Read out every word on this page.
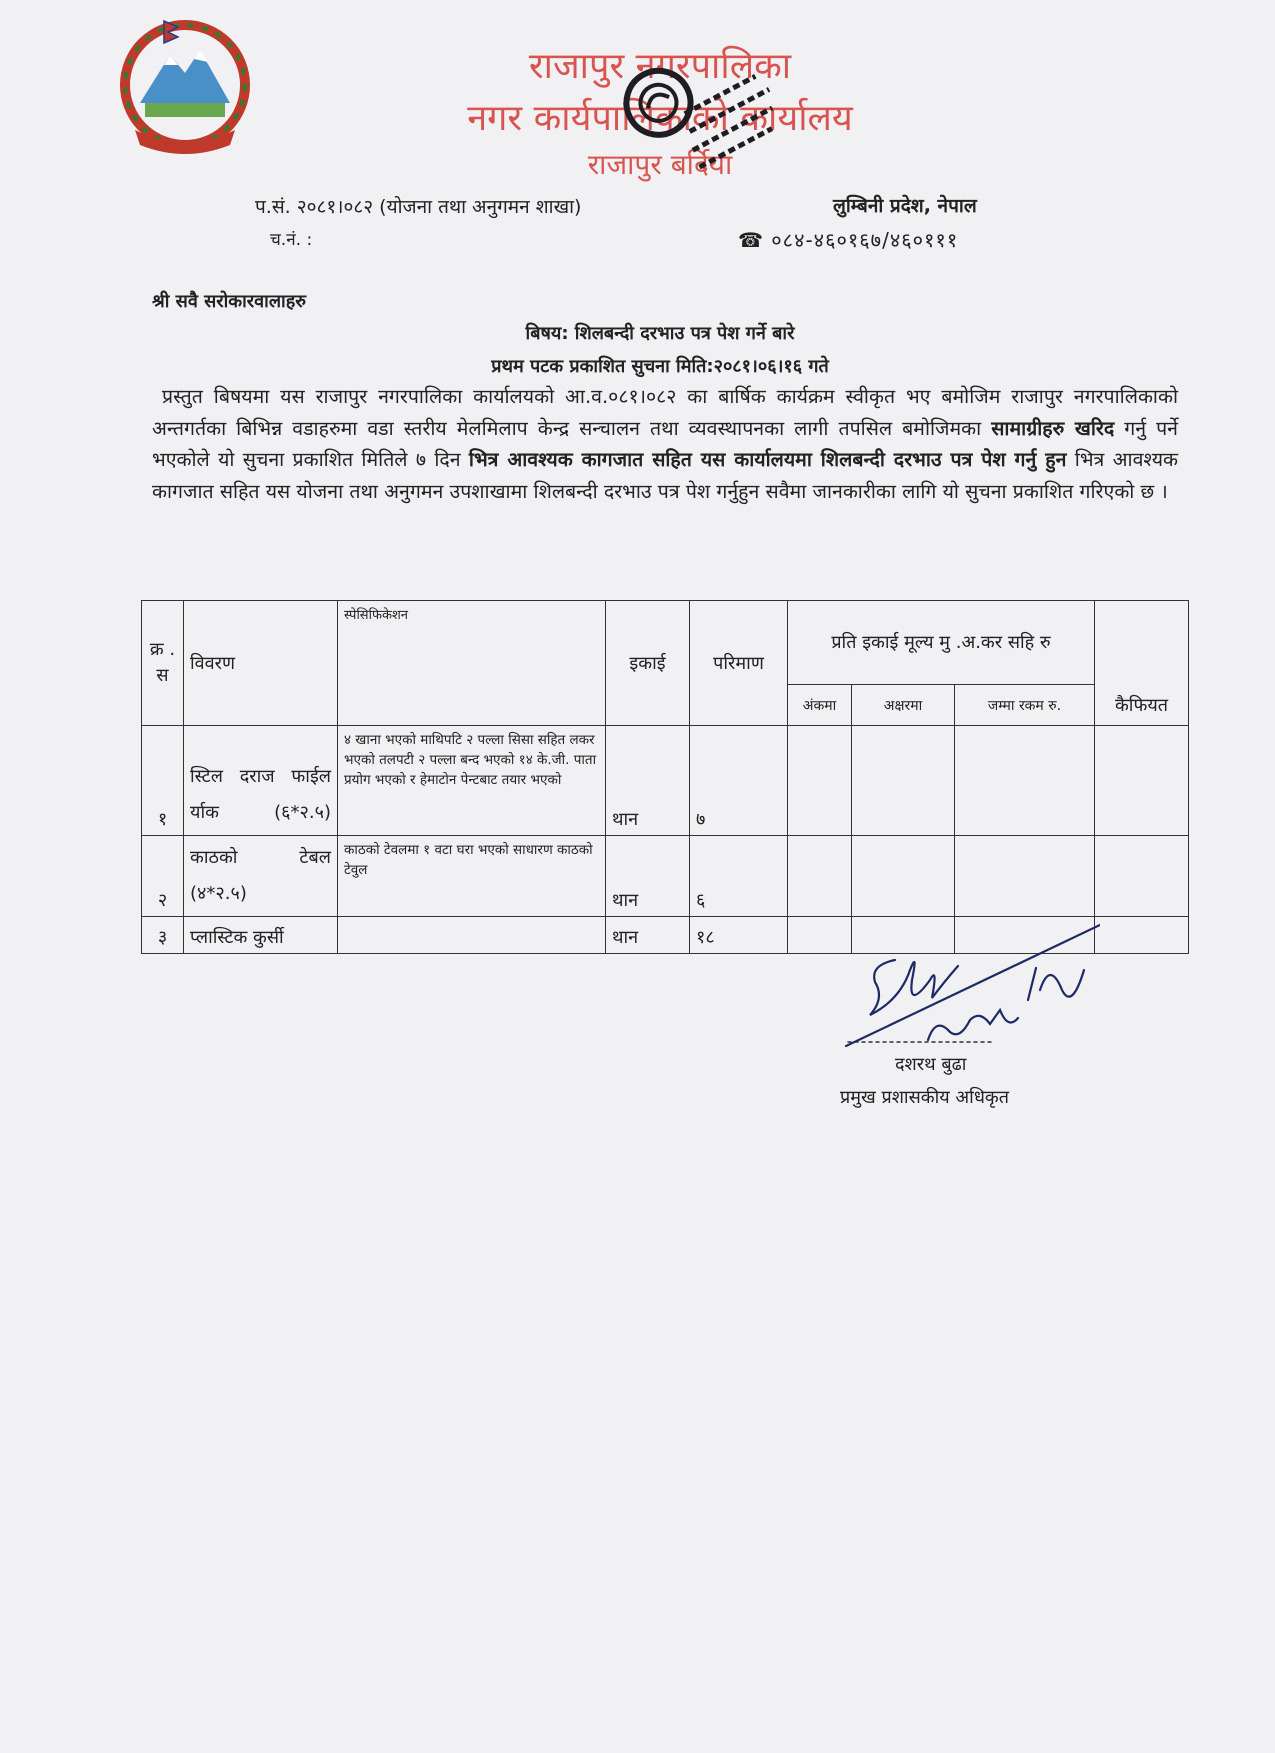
राजापुर नगरपालिका
नगर कार्यपालिकाको कार्यालय
राजापुर बर्दिया
प.सं. २०८१।०८२ (योजना तथा अनुगमन शाखा)
च.नं. :
लुम्बिनी प्रदेश, नेपाल
☎ ०८४-४६०१६७/४६०१११
श्री सवै सरोकारवालाहरु
बिषय: शिलबन्दी दरभाउ पत्र पेश गर्ने बारे
प्रथम पटक प्रकाशित सुचना मिति:२०८१।०६।१६ गते
प्रस्तुत बिषयमा यस राजापुर नगरपालिका कार्यालयको आ.व.०८१।०८२ का बार्षिक कार्यक्रम स्वीकृत भए बमोजिम राजापुर नगरपालिकाको अन्तगर्तका बिभिन्न वडाहरुमा वडा स्तरीय मेलमिलाप केन्द्र सन्चालन तथा व्यवस्थापनका लागी तपसिल बमोजिमका सामाग्रीहरु खरिद गर्नु पर्ने भएकोले यो सुचना प्रकाशित मितिले ७ दिन भित्र आवश्यक कागजात सहित यस कार्यालयमा शिलबन्दी दरभाउ पत्र पेश गर्नु हुन भित्र आवश्यक कागजात सहित यस योजना तथा अनुगमन उपशाखामा शिलबन्दी दरभाउ पत्र पेश गर्नुहुन सवैमा जानकारीका लागि यो सुचना प्रकाशित गरिएको छ ।
क्र . स	विवरण	स्पेसिफिकेशन	इकाई	परिमाण	प्रति इकाई मूल्य मु .अ.कर सहि रु			कैफियत
					अंकमा	अक्षरमा	जम्मा रकम रु.	
१	स्टिल दराज फाईल र्याक (६*२.५)	४ खाना भएको माथिपटि २ पल्ला सिसा सहित लकर भएको तलपटी २ पल्ला बन्द भएको १४ के.जी. पाता प्रयोग भएको र हेमाटोन पेन्टबाट तयार भएको	थान	७				
२	काठको टेबल (४*२.५)	काठको टेवलमा १ वटा घरा भएको साधारण काठको टेवुल	थान	६				
३	प्लास्टिक कुर्सी		थान	१८				
दशरथ बुढा
प्रमुख प्रशासकीय अधिकृत
